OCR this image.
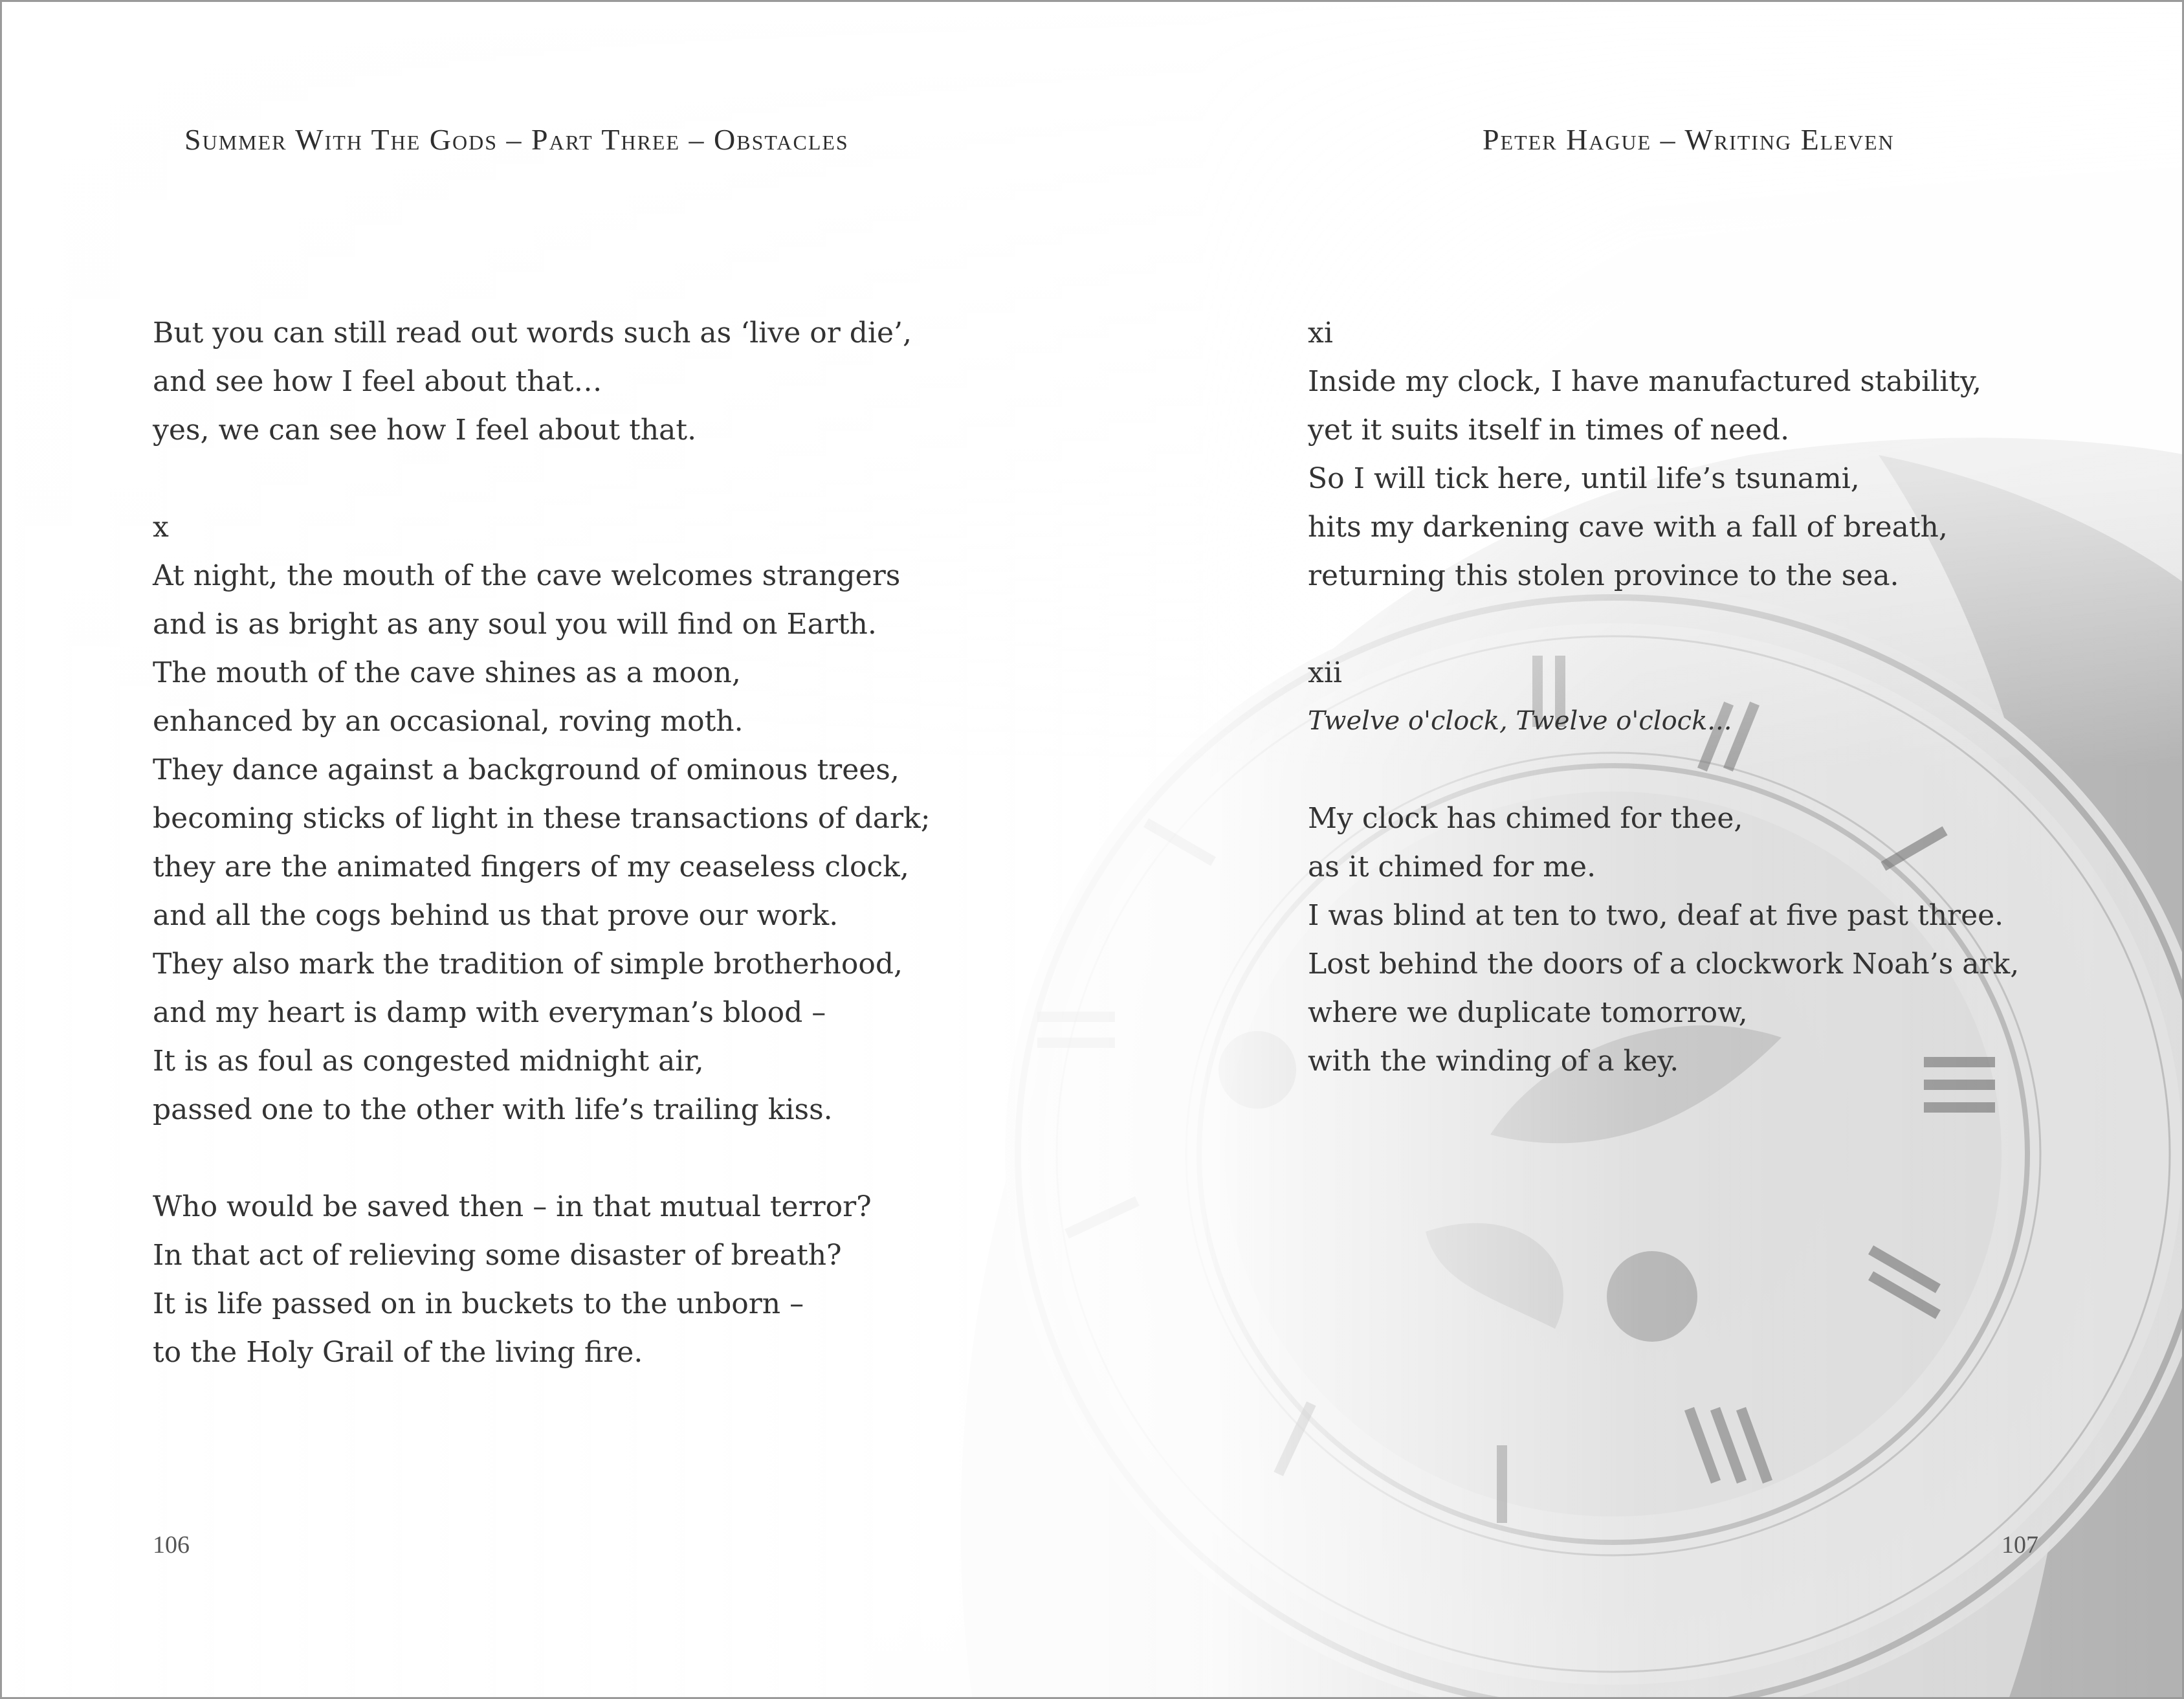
Summer With The Gods – Part Three – Obstacles	Peter Hague – Writing Eleven
But you can still read out words such as ‘live or die’,
and see how I feel about that…
yes, we can see how I feel about that.
x
At night, the mouth of the cave welcomes strangers
and is as bright as any soul you will find on Earth.
The mouth of the cave shines as a moon,
enhanced by an occasional, roving moth.
They dance against a background of ominous trees,
becoming sticks of light in these transactions of dark;
they are the animated fingers of my ceaseless clock,
and all the cogs behind us that prove our work.
They also mark the tradition of simple brotherhood,
and my heart is damp with everyman’s blood –
It is as foul as congested midnight air,
passed one to the other with life’s trailing kiss.
Who would be saved then – in that mutual terror?
In that act of relieving some disaster of breath?
It is life passed on in buckets to the unborn –
to the Holy Grail of the living fire.
xi
Inside my clock, I have manufactured stability,
yet it suits itself in times of need.
So I will tick here, until life’s tsunami,
hits my darkening cave with a fall of breath,
returning this stolen province to the sea.
xii
Twelve o'clock, Twelve o'clock...
My clock has chimed for thee,
as it chimed for me.
I was blind at ten to two, deaf at five past three.
Lost behind the doors of a clockwork Noah’s ark,
where we duplicate tomorrow,
with the winding of a key.
106	107
